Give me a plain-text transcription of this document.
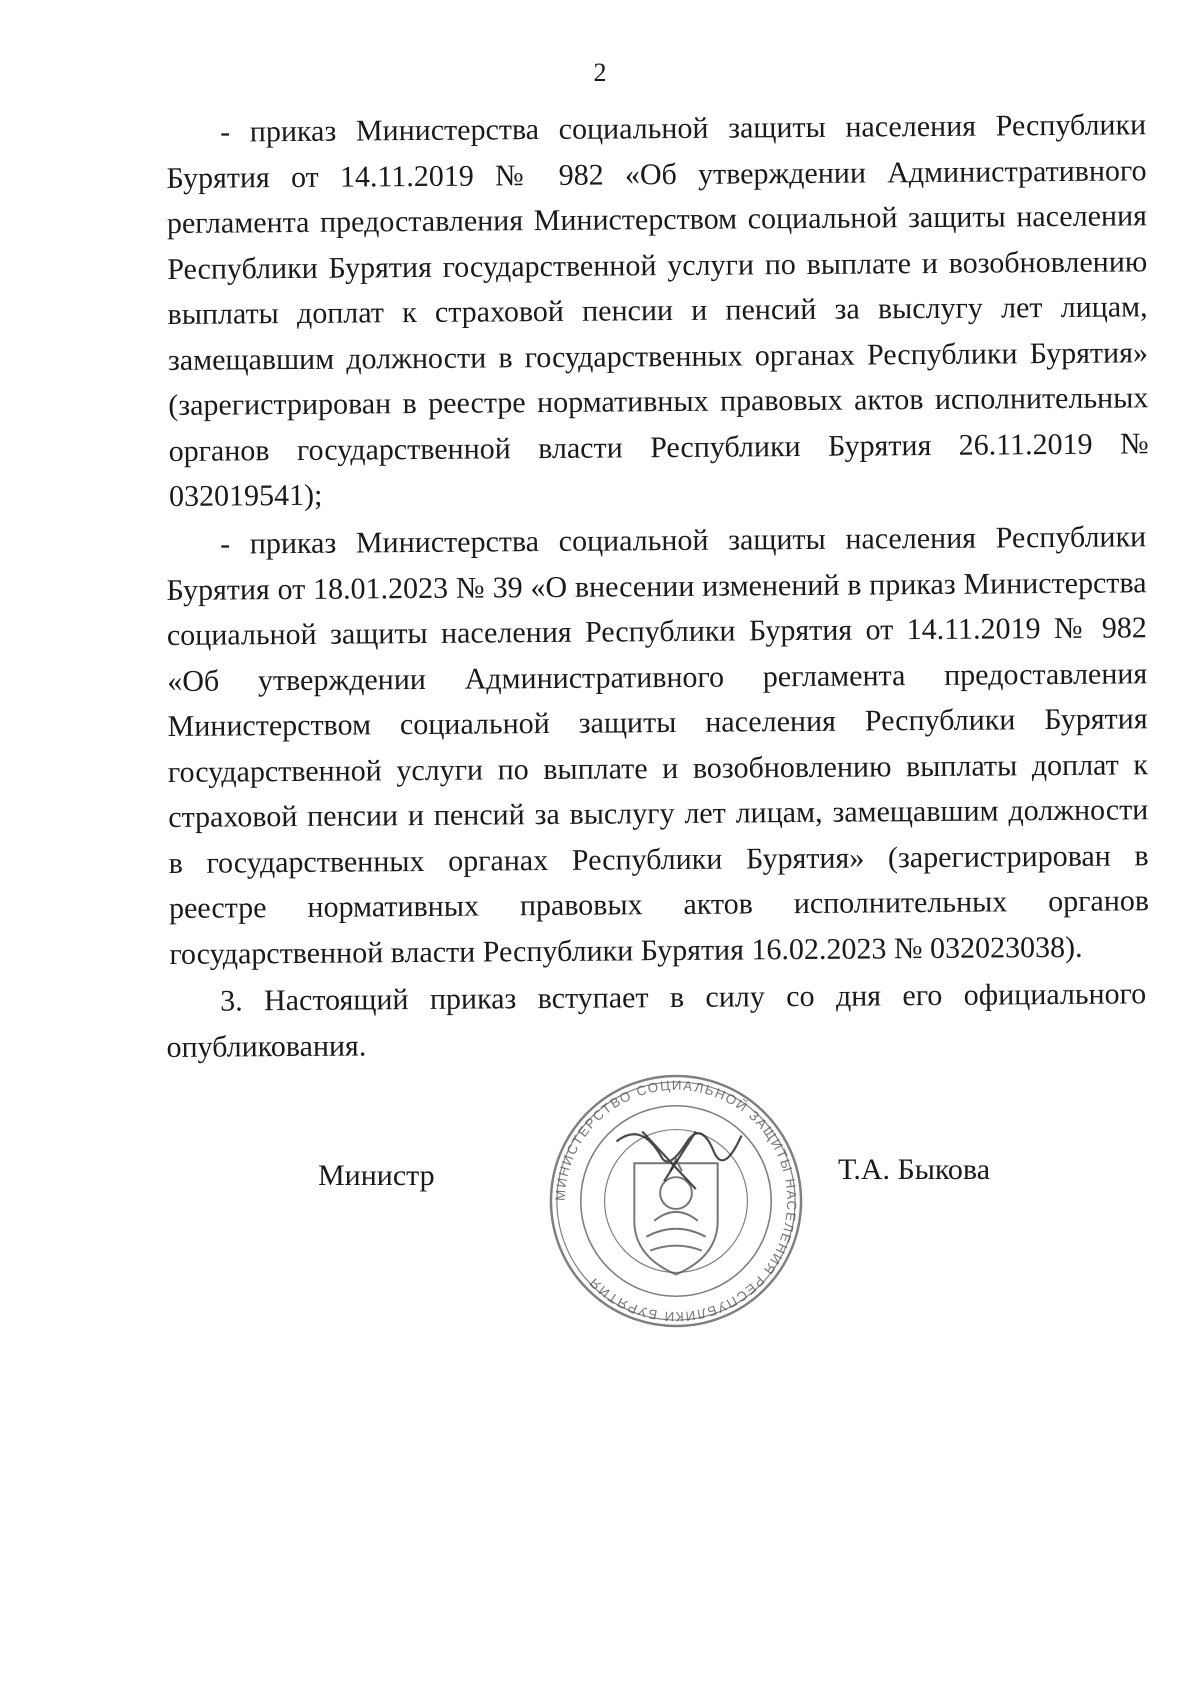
2

- приказ Министерства социальной защиты населения Республики Бурятия от 14.11.2019 № 982 «Об утверждении Административного регламента предоставления Министерством социальной защиты населения Республики Бурятия государственной услуги по выплате и возобновлению выплаты доплат к страховой пенсии и пенсий за выслугу лет лицам, замещавшим должности в государственных органах Республики Бурятия» (зарегистрирован в реестре нормативных правовых актов исполнительных органов государственной власти Республики Бурятия 26.11.2019 № 032019541);

- приказ Министерства социальной защиты населения Республики Бурятия от 18.01.2023 № 39 «О внесении изменений в приказ Министерства социальной защиты населения Республики Бурятия от 14.11.2019 № 982 «Об утверждении Административного регламента предоставления Министерством социальной защиты населения Республики Бурятия государственной услуги по выплате и возобновлению выплаты доплат к страховой пенсии и пенсий за выслугу лет лицам, замещавшим должности в государственных органах Республики Бурятия» (зарегистрирован в реестре нормативных правовых актов исполнительных органов государственной власти Республики Бурятия 16.02.2023 № 032023038).

3. Настоящий приказ вступает в силу со дня его официального опубликования.

Министр
МИНИСТЕРСТВО СОЦИАЛЬНОЙ ЗАЩИТЫ НАСЕЛЕНИЯ РЕСПУБЛИКИ БУРЯТИЯ
Т.А. Быкова
